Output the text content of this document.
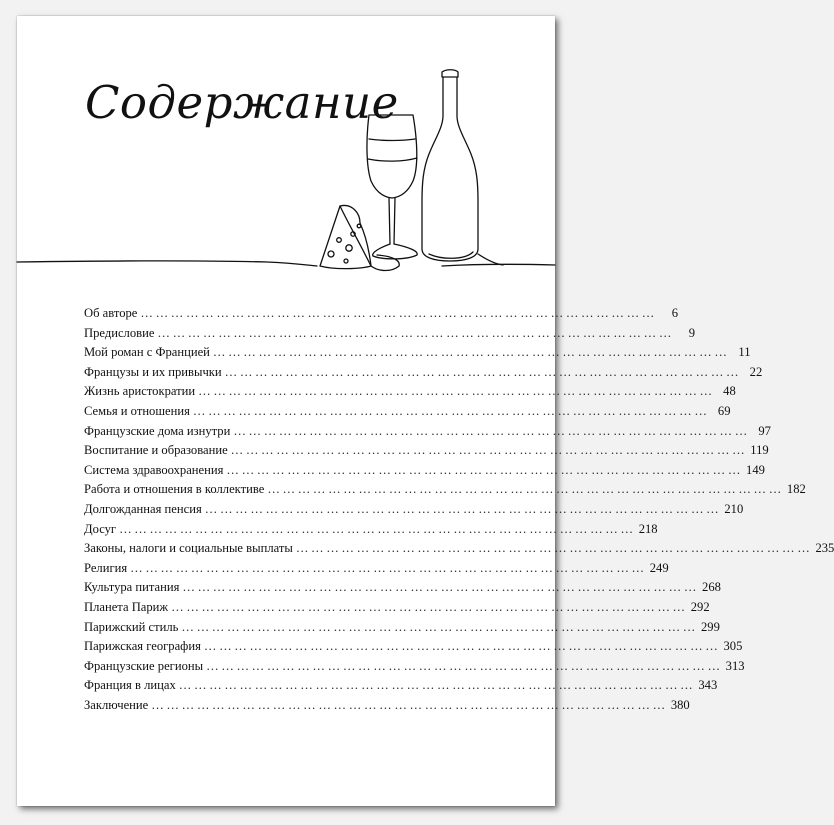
Содержание
Об авторе …………………………………………………………………………………………	6
Предисловие …………………………………………………………………………………………	9
Мой роман с Францией ………………………………………………………………………………………… 11
Французы и их привычки ………………………………………………………………………………………… 22
Жизнь аристократии ………………………………………………………………………………………… 48
Семья и отношения ………………………………………………………………………………………… 69
Французские дома изнутри ………………………………………………………………………………………… 97
Воспитание и образование ………………………………………………………………………………………… 119
Система здравоохранения ………………………………………………………………………………………… 149
Работа и отношения в коллективе ………………………………………………………………………………………… 182
Долгожданная пенсия ………………………………………………………………………………………… 210
Досуг ………………………………………………………………………………………… 218
Законы, налоги и социальные выплаты ………………………………………………………………………………………… 235
Религия ………………………………………………………………………………………… 249
Культура питания ………………………………………………………………………………………… 268
Планета Париж ………………………………………………………………………………………… 292
Парижский стиль ………………………………………………………………………………………… 299
Парижская география ………………………………………………………………………………………… 305
Французские регионы ………………………………………………………………………………………… 313
Франция в лицах ………………………………………………………………………………………… 343
Заключение ………………………………………………………………………………………… 380
